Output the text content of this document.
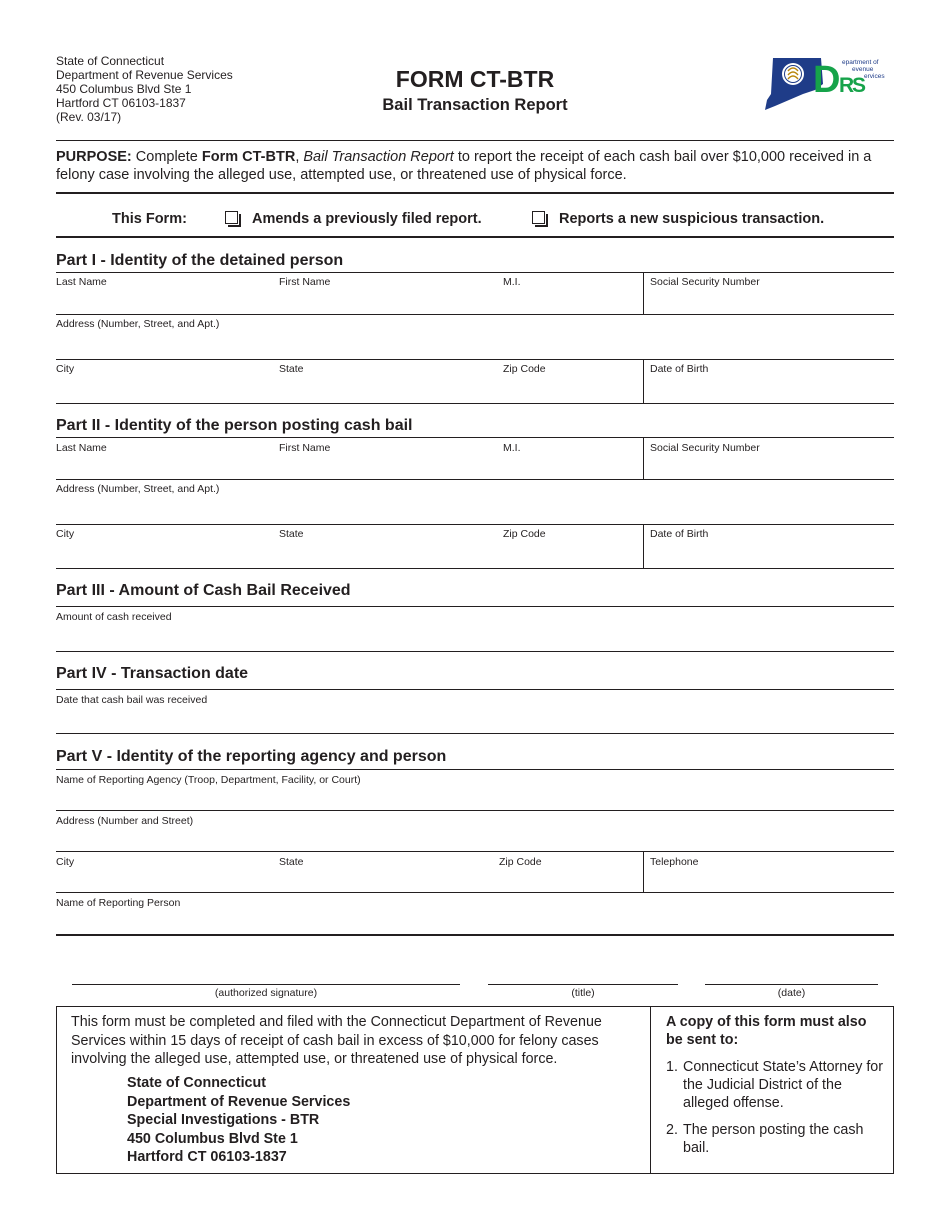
State of Connecticut
Department of Revenue Services
450 Columbus Blvd Ste 1
Hartford CT 06103-1837
(Rev. 03/17)
FORM CT-BTR
Bail Transaction Report
D
R
S
epartment of
evenue
ervices
PURPOSE: Complete Form CT-BTR, Bail Transaction Report to report the receipt of each cash bail over $10,000 received in a felony case involving the alleged use, attempted use, or threatened use of physical force.
This Form:	Amends a previously filed report.	Reports a new suspicious transaction.
Part I - Identity of the detained person
Last Name	First Name	M.I.	Social Security Number
Address (Number, Street, and Apt.)
City	State	Zip Code	Date of Birth
Part II - Identity of the person posting cash bail
Last Name	First Name	M.I.	Social Security Number
Address (Number, Street, and Apt.)
City	State	Zip Code	Date of Birth
Part III - Amount of Cash Bail Received
Amount of cash received
Part IV - Transaction date
Date that cash bail was received
Part V - Identity of the reporting agency and person
Name of Reporting Agency (Troop, Department, Facility, or Court)
Address (Number and Street)
City	State	Zip Code	Telephone
Name of Reporting Person
(authorized signature)	(title)	(date)
This form must be completed and filed with the Connecticut Department of Revenue Services within 15 days of receipt of cash bail in excess of $10,000 for felony cases involving the alleged use, attempted use, or threatened use of physical force.
State of Connecticut
Department of Revenue Services
Special Investigations - BTR
450 Columbus Blvd Ste 1
Hartford CT 06103-1837
A copy of this form must also be sent to:
1. Connecticut State’s Attorney for the Judicial District of the alleged offense.
2. The person posting the cash bail.
